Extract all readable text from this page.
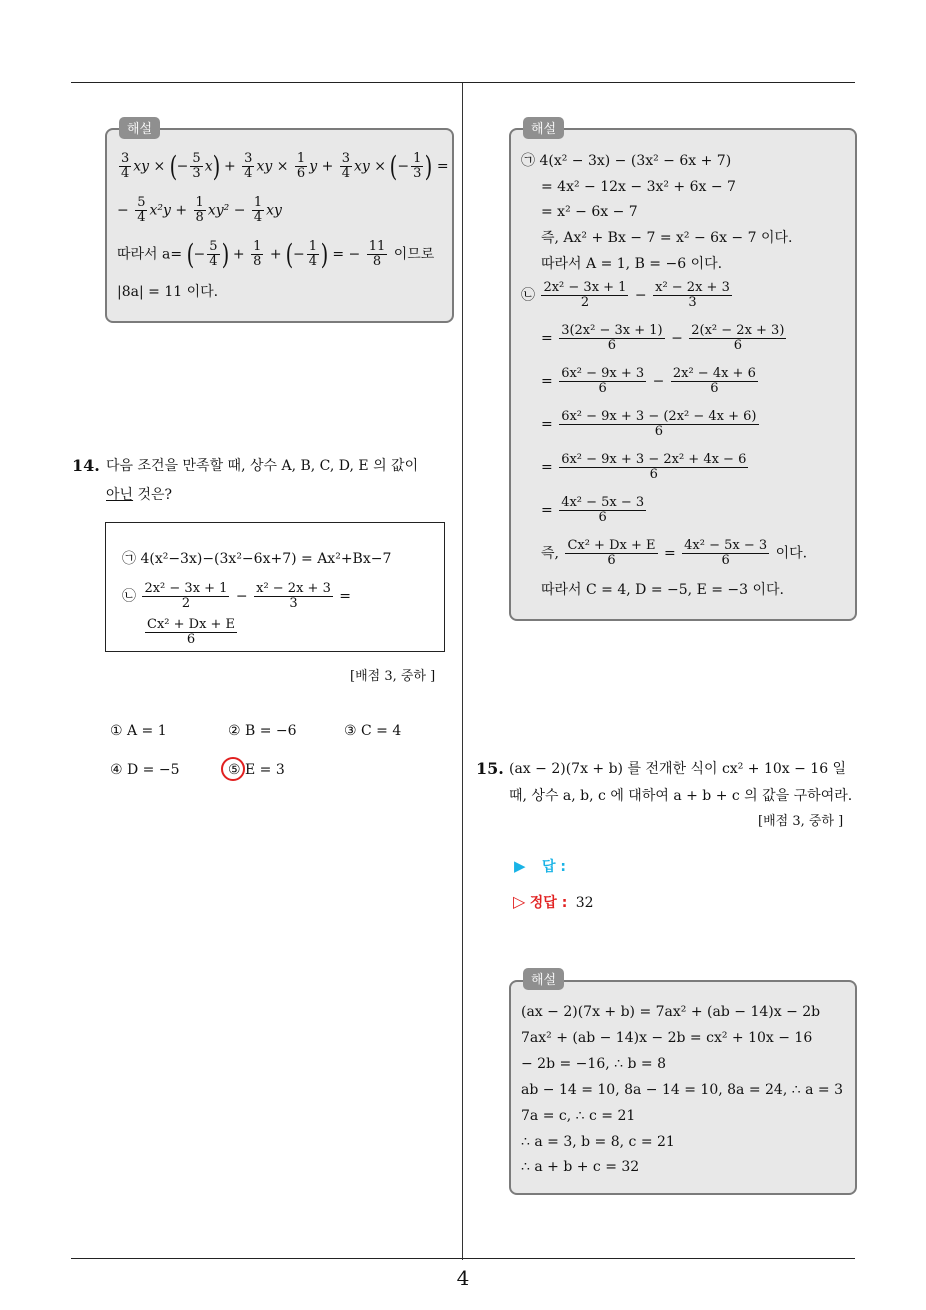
4
해설
$\frac{3}{4}$ xy × (− $\frac{5}{3} x) + \frac{3}{4}$ xy × $\frac{1}{6}$ $y + \frac{3}{4}$ xy × (− $\frac{1}{3}$ ) =
− $\frac{5}{4} x^2y + \frac{1}{8} xy^2 - \frac{1}{4}$ xy
따라서 a= (− $\frac{5}{4}$ ) + $\frac{1}{8}$ + (− $\frac{1}{4}$ ) = − $\frac{11}{8}$ 이므로
|8a| = 11 이다.
14. 다음 조건을 만족할 때, 상수 A, B, C, D, E 의 값이
아닌 것은?
㉠ 4(x²−3x)−(3x²−6x+7) = Ax²+Bx−7
㉡ $\frac{\text{2x² − 3x + 1}}{2} - \frac{\text{x² − 2x + 3}}{3}$ =
$\frac{\text{Cx² + Dx + E}}{6}$
[배점 3, 중하 ]
① A = 1	② B = −6	③ C = 4
④ D = −5	⑤ E = 3
해설
㉠ 4(x² − 3x) − (3x² − 6x + 7)
= 4x² − 12x − 3x² + 6x − 7
= x² − 6x − 7
즉, Ax² + Bx − 7 = x² − 6x − 7 이다.
따라서 A = 1, B = −6 이다.
㉡ $\frac{\text{2x² − 3x + 1}}{2} - \frac{\text{x² − 2x + 3}}{3}$
= $\frac{\text{3(2x² − 3x + 1)}}{6} - \frac{\text{2(x² − 2x + 3)}}{6}$
= $\frac{\text{6x² − 9x + 3}}{6} - \frac{\text{2x² − 4x + 6}}{6}$
= $\frac{\text{6x² − 9x + 3 − (2x² − 4x + 6)}}{6}$
= $\frac{\text{6x² − 9x + 3 − 2x² + 4x − 6}}{6}$
= $\frac{\text{4x² − 5x − 3}}{6}$
즉, $\frac{\text{Cx² + Dx + E}}{6} = \frac{\text{4x² − 5x − 3}}{6}$ 이다.
따라서 C = 4, D = −5, E = −3 이다.
15. (ax − 2)(7x + b) 를 전개한 식이 cx² + 10x − 16 일
때, 상수 a, b, c 에 대하여 a + b + c 의 값을 구하여라.
[배점 3, 중하 ]
▶ 답 :
▷ 정답 : 32
해설
(ax − 2)(7x + b) = 7ax² + (ab − 14)x − 2b
7ax² + (ab − 14)x − 2b = cx² + 10x − 16
− 2b = −16, ∴ b = 8
ab − 14 = 10, 8a − 14 = 10, 8a = 24, ∴ a = 3
7a = c, ∴ c = 21
∴ a = 3, b = 8, c = 21
∴ a + b + c = 32
